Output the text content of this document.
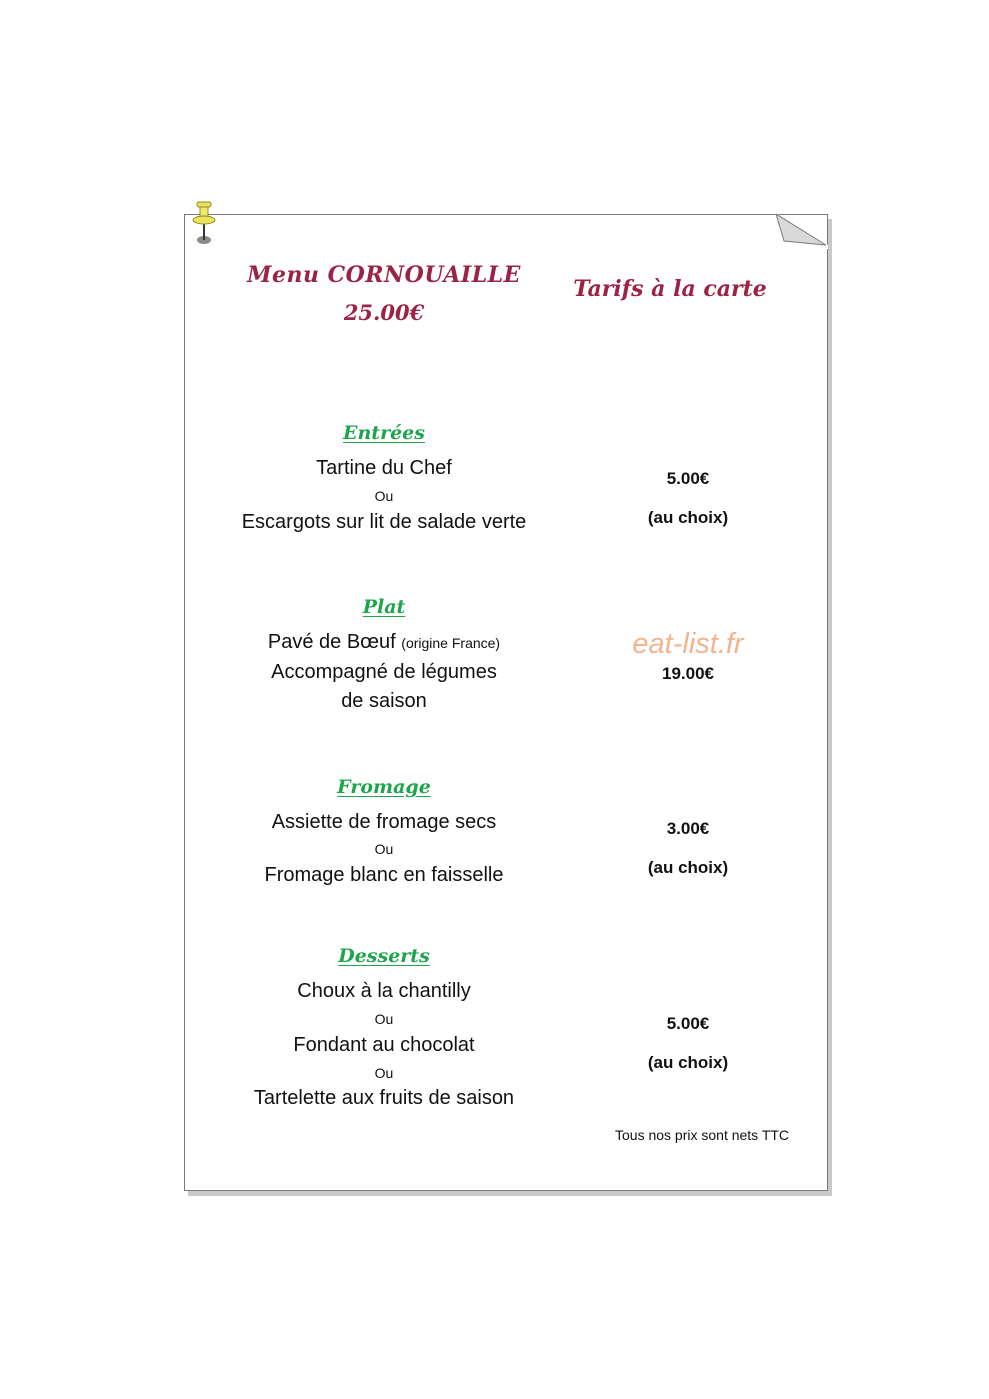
Menu CORNOUAILLE
25.00€
Tarifs à la carte
Entrées
Tartine du Chef
Ou
Escargots sur lit de salade verte
5.00€
(au choix)
Plat
Pavé de Bœuf (origine France)
Accompagné de légumes
de saison
19.00€
eat-list.fr
Fromage
Assiette de fromage secs
Ou
Fromage blanc en faisselle
3.00€
(au choix)
Desserts
Choux à la chantilly
Ou
Fondant au chocolat
Ou
Tartelette aux fruits de saison
5.00€
(au choix)
Tous nos prix sont nets TTC
